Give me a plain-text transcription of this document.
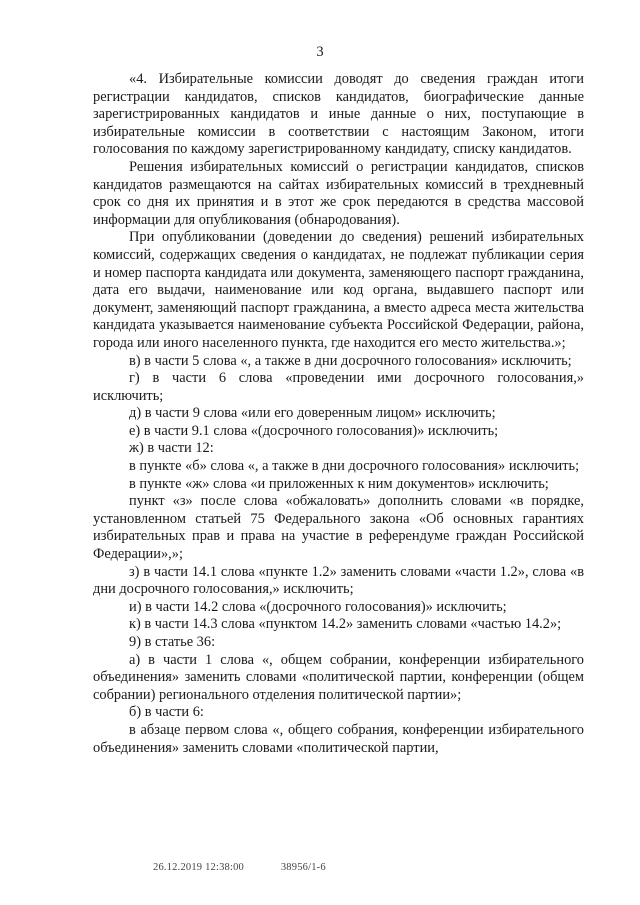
3

«4. Избирательные комиссии доводят до сведения граждан итоги регистрации кандидатов, списков кандидатов, биографические данные зарегистрированных кандидатов и иные данные о них, поступающие в избирательные комиссии в соответствии с настоящим Законом, итоги голосования по каждому зарегистрированному кандидату, списку кандидатов.

Решения избирательных комиссий о регистрации кандидатов, списков кандидатов размещаются на сайтах избирательных комиссий в трехдневный срок со дня их принятия и в этот же срок передаются в средства массовой информации для опубликования (обнародования).

При опубликовании (доведении до сведения) решений избирательных комиссий, содержащих сведения о кандидатах, не подлежат публикации серия и номер паспорта кандидата или документа, заменяющего паспорт гражданина, дата его выдачи, наименование или код органа, выдавшего паспорт или документ, заменяющий паспорт гражданина, а вместо адреса места жительства кандидата указывается наименование субъекта Российской Федерации, района, города или иного населенного пункта, где находится его место жительства.»;

в) в части 5 слова «, а также в дни досрочного голосования» исключить;

г) в части 6 слова «проведении ими досрочного голосования,» исключить;

д) в части 9 слова «или его доверенным лицом» исключить;

е) в части 9.1 слова «(досрочного голосования)» исключить;

ж) в части 12:

в пункте «б» слова «, а также в дни досрочного голосования» исключить;

в пункте «ж» слова «и приложенных к ним документов» исключить;

пункт «з» после слова «обжаловать» дополнить словами «в порядке, установленном статьей 75 Федерального закона «Об основных гарантиях избирательных прав и права на участие в референдуме граждан Российской Федерации»,»;

з) в части 14.1 слова «пункте 1.2» заменить словами «части 1.2», слова «в дни досрочного голосования,» исключить;

и) в части 14.2 слова «(досрочного голосования)» исключить;

к) в части 14.3 слова «пунктом 14.2» заменить словами «частью 14.2»;

9) в статье 36:

а) в части 1 слова «, общем собрании, конференции избирательного объединения» заменить словами «политической партии, конференции (общем собрании) регионального отделения политической партии»;

б) в части 6:

в абзаце первом слова «, общего собрания, конференции избирательного объединения» заменить словами «политической партии,

26.12.2019 12:38:00	38956/1-6
